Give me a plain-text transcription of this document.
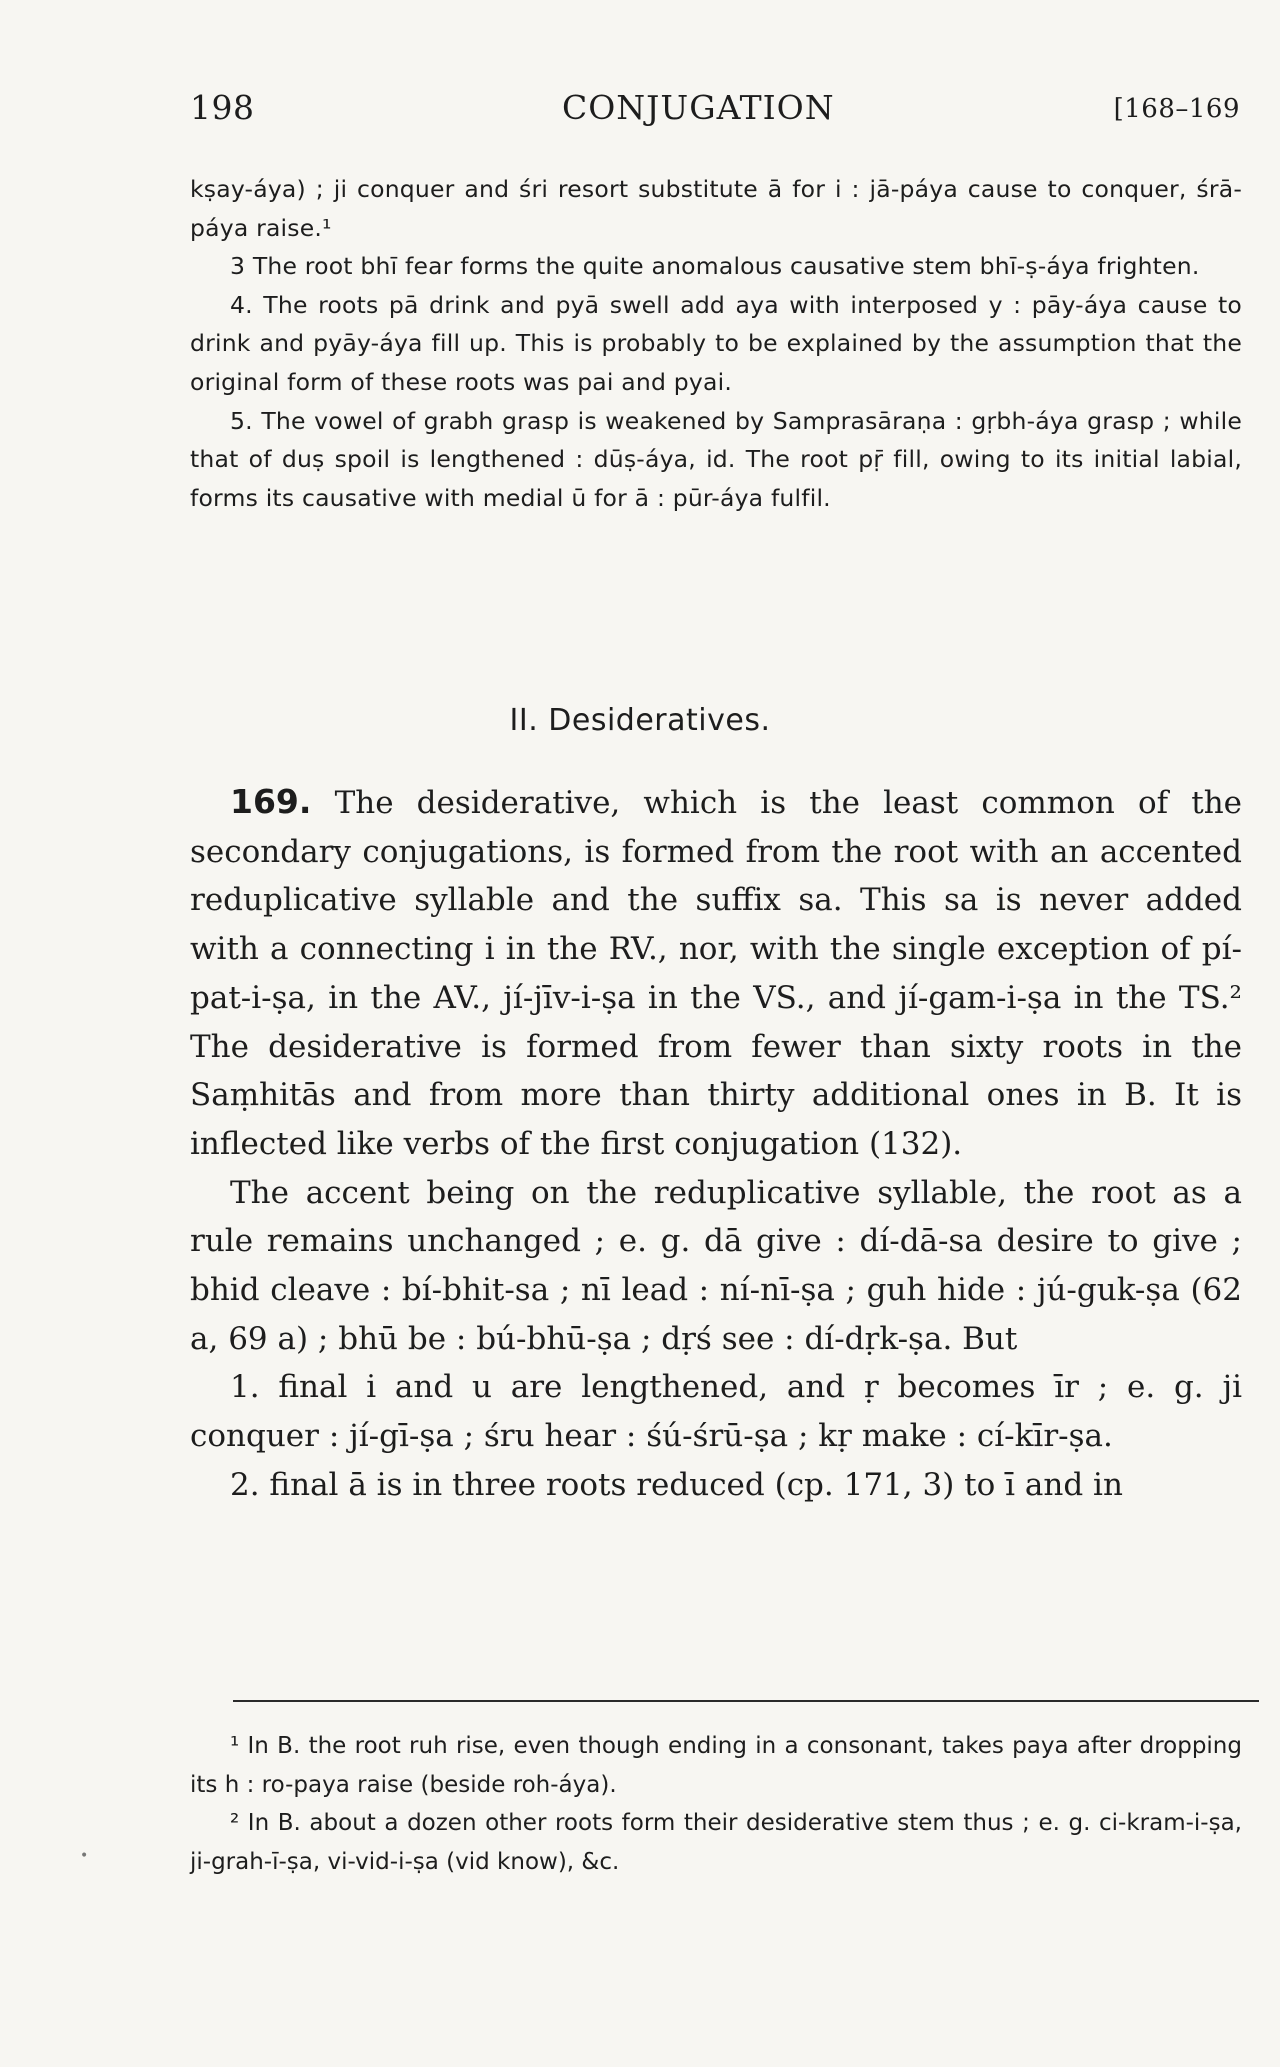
198	CONJUGATION	[168–169

kṣay-áya) ; ji conquer and śri resort substitute ā for i : jā-páya cause to conquer, śrā-páya raise.¹

3 The root bhī fear forms the quite anomalous causative stem bhī-ṣ-áya frighten.

4. The roots pā drink and pyā swell add aya with interposed y : pāy-áya cause to drink and pyāy-áya fill up. This is probably to be explained by the assumption that the original form of these roots was pai and pyai.

5. The vowel of grabh grasp is weakened by Samprasāraṇa : gṛbh-áya grasp ; while that of duṣ spoil is lengthened : dūṣ-áya, id. The root pṝ fill, owing to its initial labial, forms its causative with medial ū for ā : pūr-áya fulfil.

II. Desideratives.

169. The desiderative, which is the least common of the secondary conjugations, is formed from the root with an accented reduplicative syllable and the suffix sa. This sa is never added with a connecting i in the RV., nor, with the single exception of pí-pat-i-ṣa, in the AV., jí-jīv-i-ṣa in the VS., and jí-gam-i-ṣa in the TS.² The desiderative is formed from fewer than sixty roots in the Saṃhitās and from more than thirty additional ones in B. It is inflected like verbs of the first conjugation (132).

The accent being on the reduplicative syllable, the root as a rule remains unchanged ; e. g. dā give : dí-dā-sa desire to give ; bhid cleave : bí-bhit-sa ; nī lead : ní-nī-ṣa ; guh hide : jú-guk-ṣa (62 a, 69 a) ; bhū be : bú-bhū-ṣa ; dṛś see : dí-dṛk-ṣa. But

1. final i and u are lengthened, and ṛ becomes īr ; e. g. ji conquer : jí-gī-ṣa ; śru hear : śú-śrū-ṣa ; kṛ make : cí-kīr-ṣa.

2. final ā is in three roots reduced (cp. 171, 3) to ī and in

¹ In B. the root ruh rise, even though ending in a consonant, takes paya after dropping its h : ro-paya raise (beside roh-áya).

² In B. about a dozen other roots form their desiderative stem thus ; e. g. ci-kram-i-ṣa, ji-grah-ī-ṣa, vi-vid-i-ṣa (vid know), &c.

•
